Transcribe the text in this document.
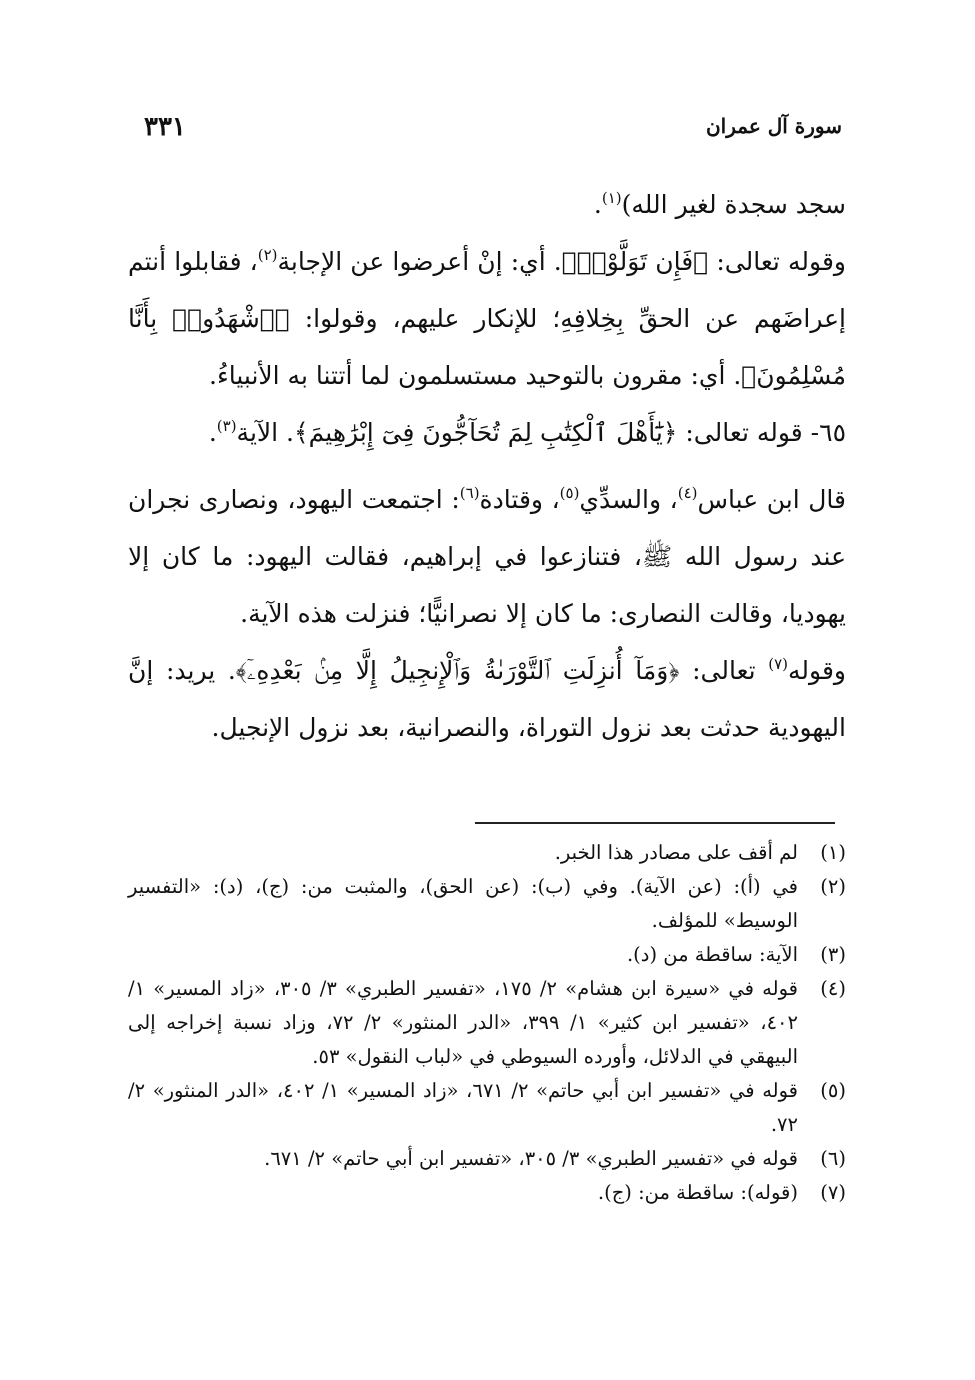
سورة آل عمران
٣٣١

سجد سجدة لغير الله)$^{(١)}$.

وقوله تعالى: ﴿فَإِن تَوَلَّوْا۟﴾. أي: إنْ أعرضوا عن الإجابة$^{(٢)}$، فقابلوا أنتم إعراضَهم عن الحقِّ بِخِلافِهِ؛ للإنكار عليهم، وقولوا: ﴿ٱشْهَدُوا۟ بِأَنَّا مُسْلِمُونَ﴾. أي: مقرون بالتوحيد مستسلمون لما أتتنا به الأنبياءُ.

٦٥- قوله تعالى: ﴿يَٰٓأَهْلَ ٱلْكِتَٰبِ لِمَ تُحَآجُّونَ فِىٓ إِبْرَٰهِيمَ﴾. الآية$^{(٣)}$.

قال ابن عباس$^{(٤)}$، والسدِّي$^{(٥)}$، وقتادة$^{(٦)}$: اجتمعت اليهود، ونصارى نجران عند رسول الله ﷺ، فتنازعوا في إبراهيم، فقالت اليهود: ما كان إلا يهوديا، وقالت النصارى: ما كان إلا نصرانيًّا؛ فنزلت هذه الآية.

وقوله$^{(٧)}$ تعالى: ﴿وَمَآ أُنزِلَتِ ٱلتَّوْرَىٰةُ وَٱلْإِنجِيلُ إِلَّا مِنۢ بَعْدِهِۦٓ﴾. يريد: إنَّ اليهودية حدثت بعد نزول التوراة، والنصرانية، بعد نزول الإنجيل.

(١)
لم أقف على مصادر هذا الخبر.
(٢)
في (أ): (عن الآية). وفي (ب): (عن الحق)، والمثبت من: (ج)، (د): «التفسير الوسيط» للمؤلف.
(٣)
الآية: ساقطة من (د).
(٤)
قوله في «سيرة ابن هشام» ٢/ ١٧٥، «تفسير الطبري» ٣/ ٣٠٥، «زاد المسير» ١/ ٤٠٢، «تفسير ابن كثير» ١/ ٣٩٩، «الدر المنثور» ٢/ ٧٢، وزاد نسبة إخراجه إلى البيهقي في الدلائل، وأورده السيوطي في «لباب النقول» ٥٣.
(٥)
قوله في «تفسير ابن أبي حاتم» ٢/ ٦٧١، «زاد المسير» ١/ ٤٠٢، «الدر المنثور» ٢/ ٧٢.
(٦)
قوله في «تفسير الطبري» ٣/ ٣٠٥، «تفسير ابن أبي حاتم» ٢/ ٦٧١.
(٧)
(قوله): ساقطة من: (ج).
